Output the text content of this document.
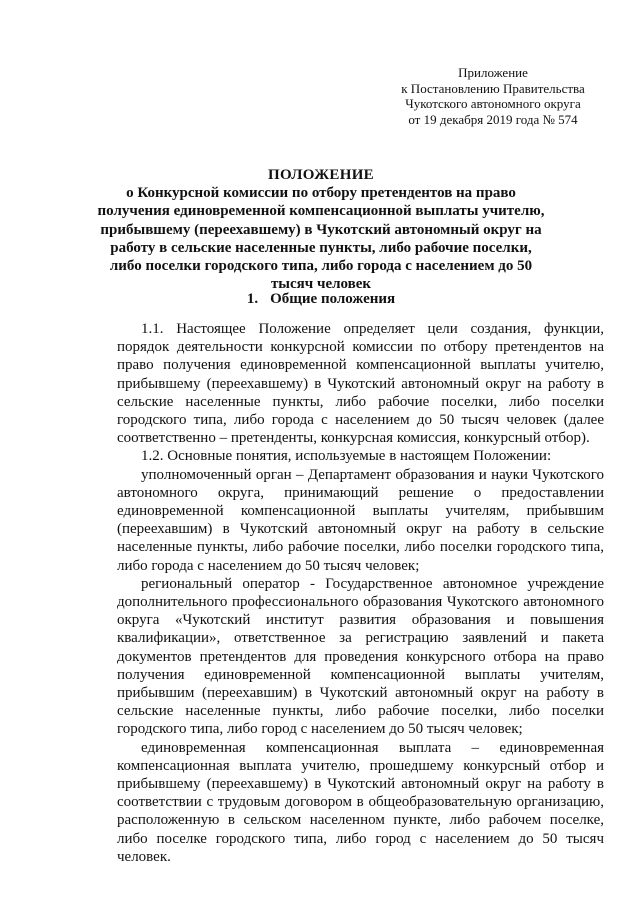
Приложение
к Постановлению Правительства
Чукотского автономного округа
от 19 декабря 2019 года № 574
ПОЛОЖЕНИЕ
о Конкурсной комиссии по отбору претендентов на право получения единовременной компенсационной выплаты учителю, прибывшему (переехавшему) в Чукотский автономный округ на работу в сельские населенные пункты, либо рабочие поселки, либо поселки городского типа, либо города с населением до 50 тысяч человек
1. Общие положения

1.1. Настоящее Положение определяет цели создания, функции, порядок деятельности конкурсной комиссии по отбору претендентов на право получения единовременной компенсационной выплаты учителю, прибывшему (переехавшему) в Чукотский автономный округ на работу в сельские населенные пункты, либо рабочие поселки, либо поселки городского типа, либо города с населением до 50 тысяч человек (далее соответственно – претенденты, конкурсная комиссия, конкурсный отбор).

1.2. Основные понятия, используемые в настоящем Положении:

уполномоченный орган – Департамент образования и науки Чукотского автономного округа, принимающий решение о предоставлении единовременной компенсационной выплаты учителям, прибывшим (переехавшим) в Чукотский автономный округ на работу в сельские населенные пункты, либо рабочие поселки, либо поселки городского типа, либо города с населением до 50 тысяч человек;

региональный оператор - Государственное автономное учреждение дополнительного профессионального образования Чукотского автономного округа «Чукотский институт развития образования и повышения квалификации», ответственное за регистрацию заявлений и пакета документов претендентов для проведения конкурсного отбора на право получения единовременной компенсационной выплаты учителям, прибывшим (переехавшим) в Чукотский автономный округ на работу в сельские населенные пункты, либо рабочие поселки, либо поселки городского типа, либо город с населением до 50 тысяч человек;

единовременная компенсационная выплата – единовременная компенсационная выплата учителю, прошедшему конкурсный отбор и прибывшему (переехавшему) в Чукотский автономный округ на работу в соответствии с трудовым договором в общеобразовательную организацию, расположенную в сельском населенном пункте, либо рабочем поселке, либо поселке городского типа, либо город с населением до 50 тысяч человек.
